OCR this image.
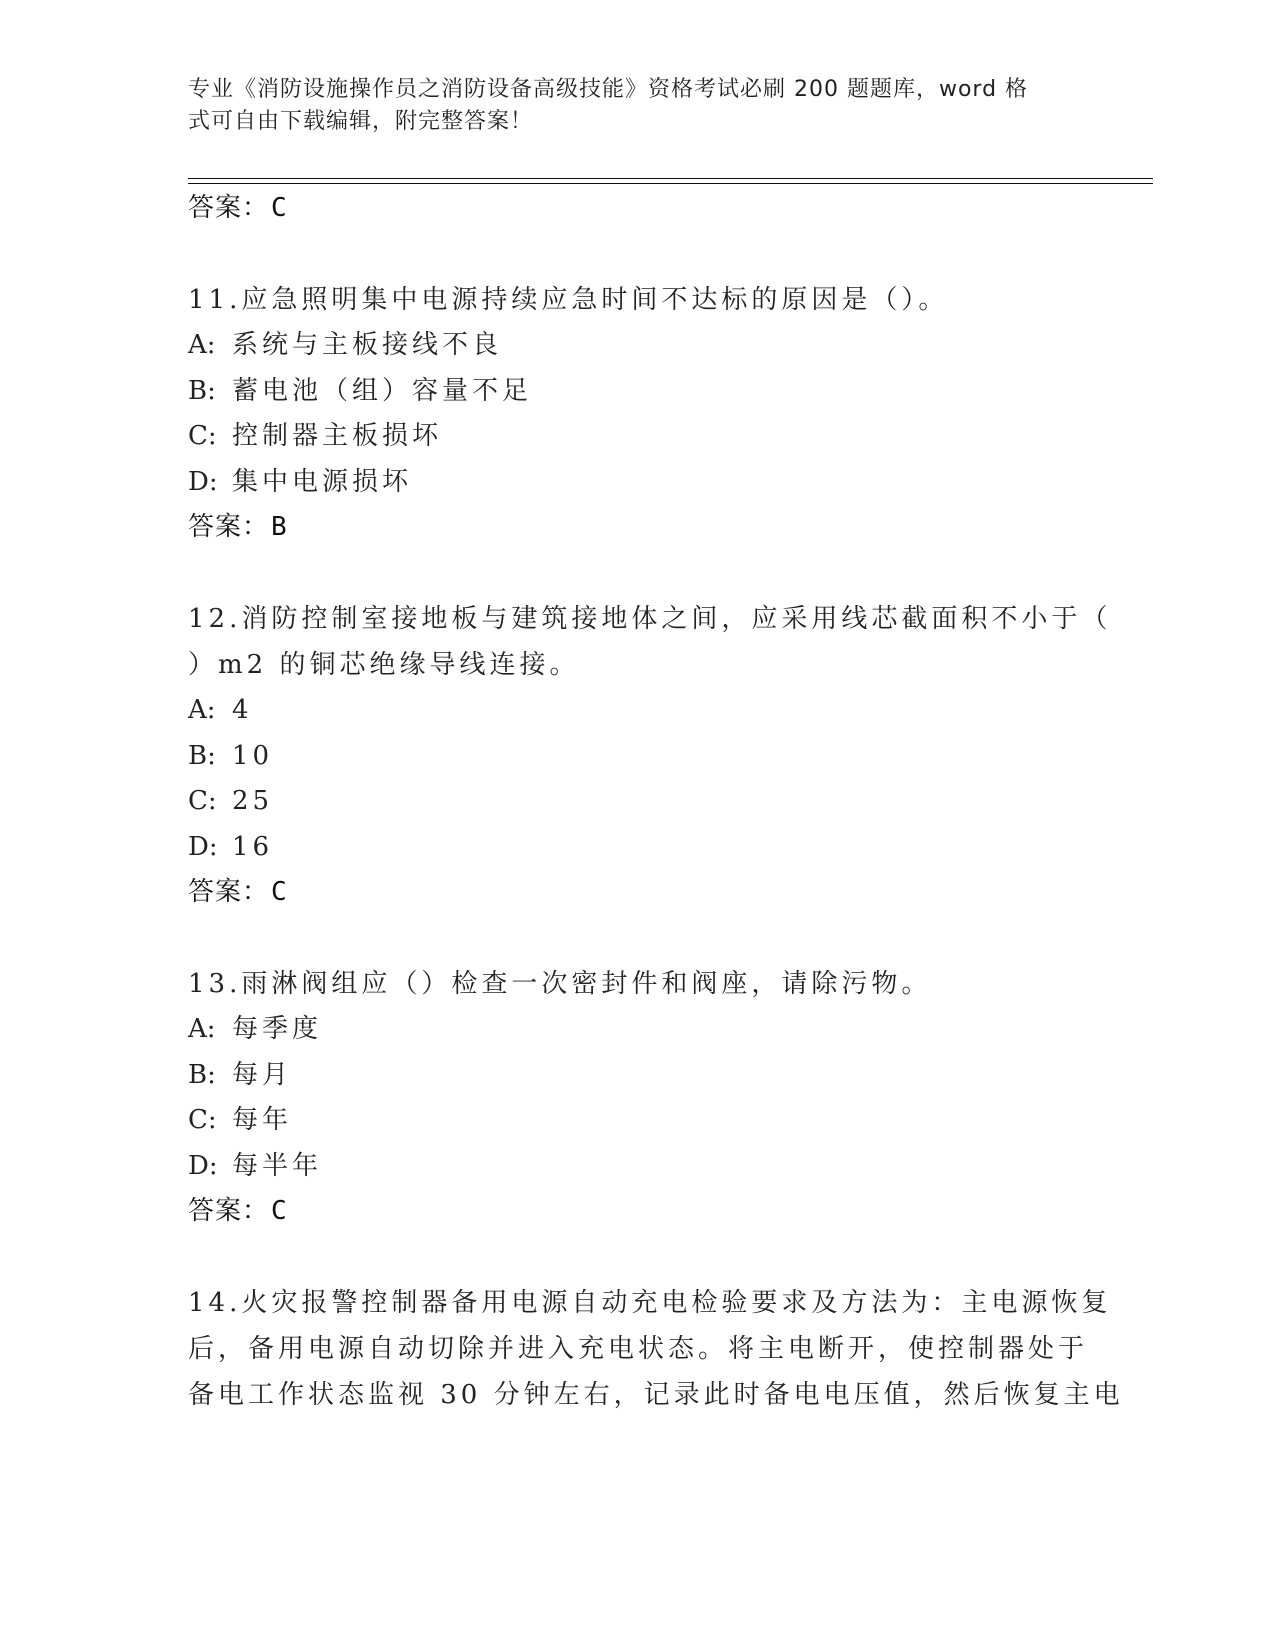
专业《消防设施操作员之消防设备高级技能》资格考试必刷 200 题题库，word 格
式可自由下载编辑，附完整答案！
答案：C
11.应急照明集中电源持续应急时间不达标的原因是（）。
A: 系统与主板接线不良
B: 蓄电池（组）容量不足
C: 控制器主板损坏
D: 集中电源损坏
答案：B
12.消防控制室接地板与建筑接地体之间，应采用线芯截面积不小于（
）m2 的铜芯绝缘导线连接。
A: 4
B: 10
C: 25
D: 16
答案：C
13.雨淋阀组应（）检查一次密封件和阀座，请除污物。
A: 每季度
B: 每月
C: 每年
D: 每半年
答案：C
14.火灾报警控制器备用电源自动充电检验要求及方法为：主电源恢复
后，备用电源自动切除并进入充电状态。将主电断开，使控制器处于
备电工作状态监视 30 分钟左右，记录此时备电电压值，然后恢复主电
